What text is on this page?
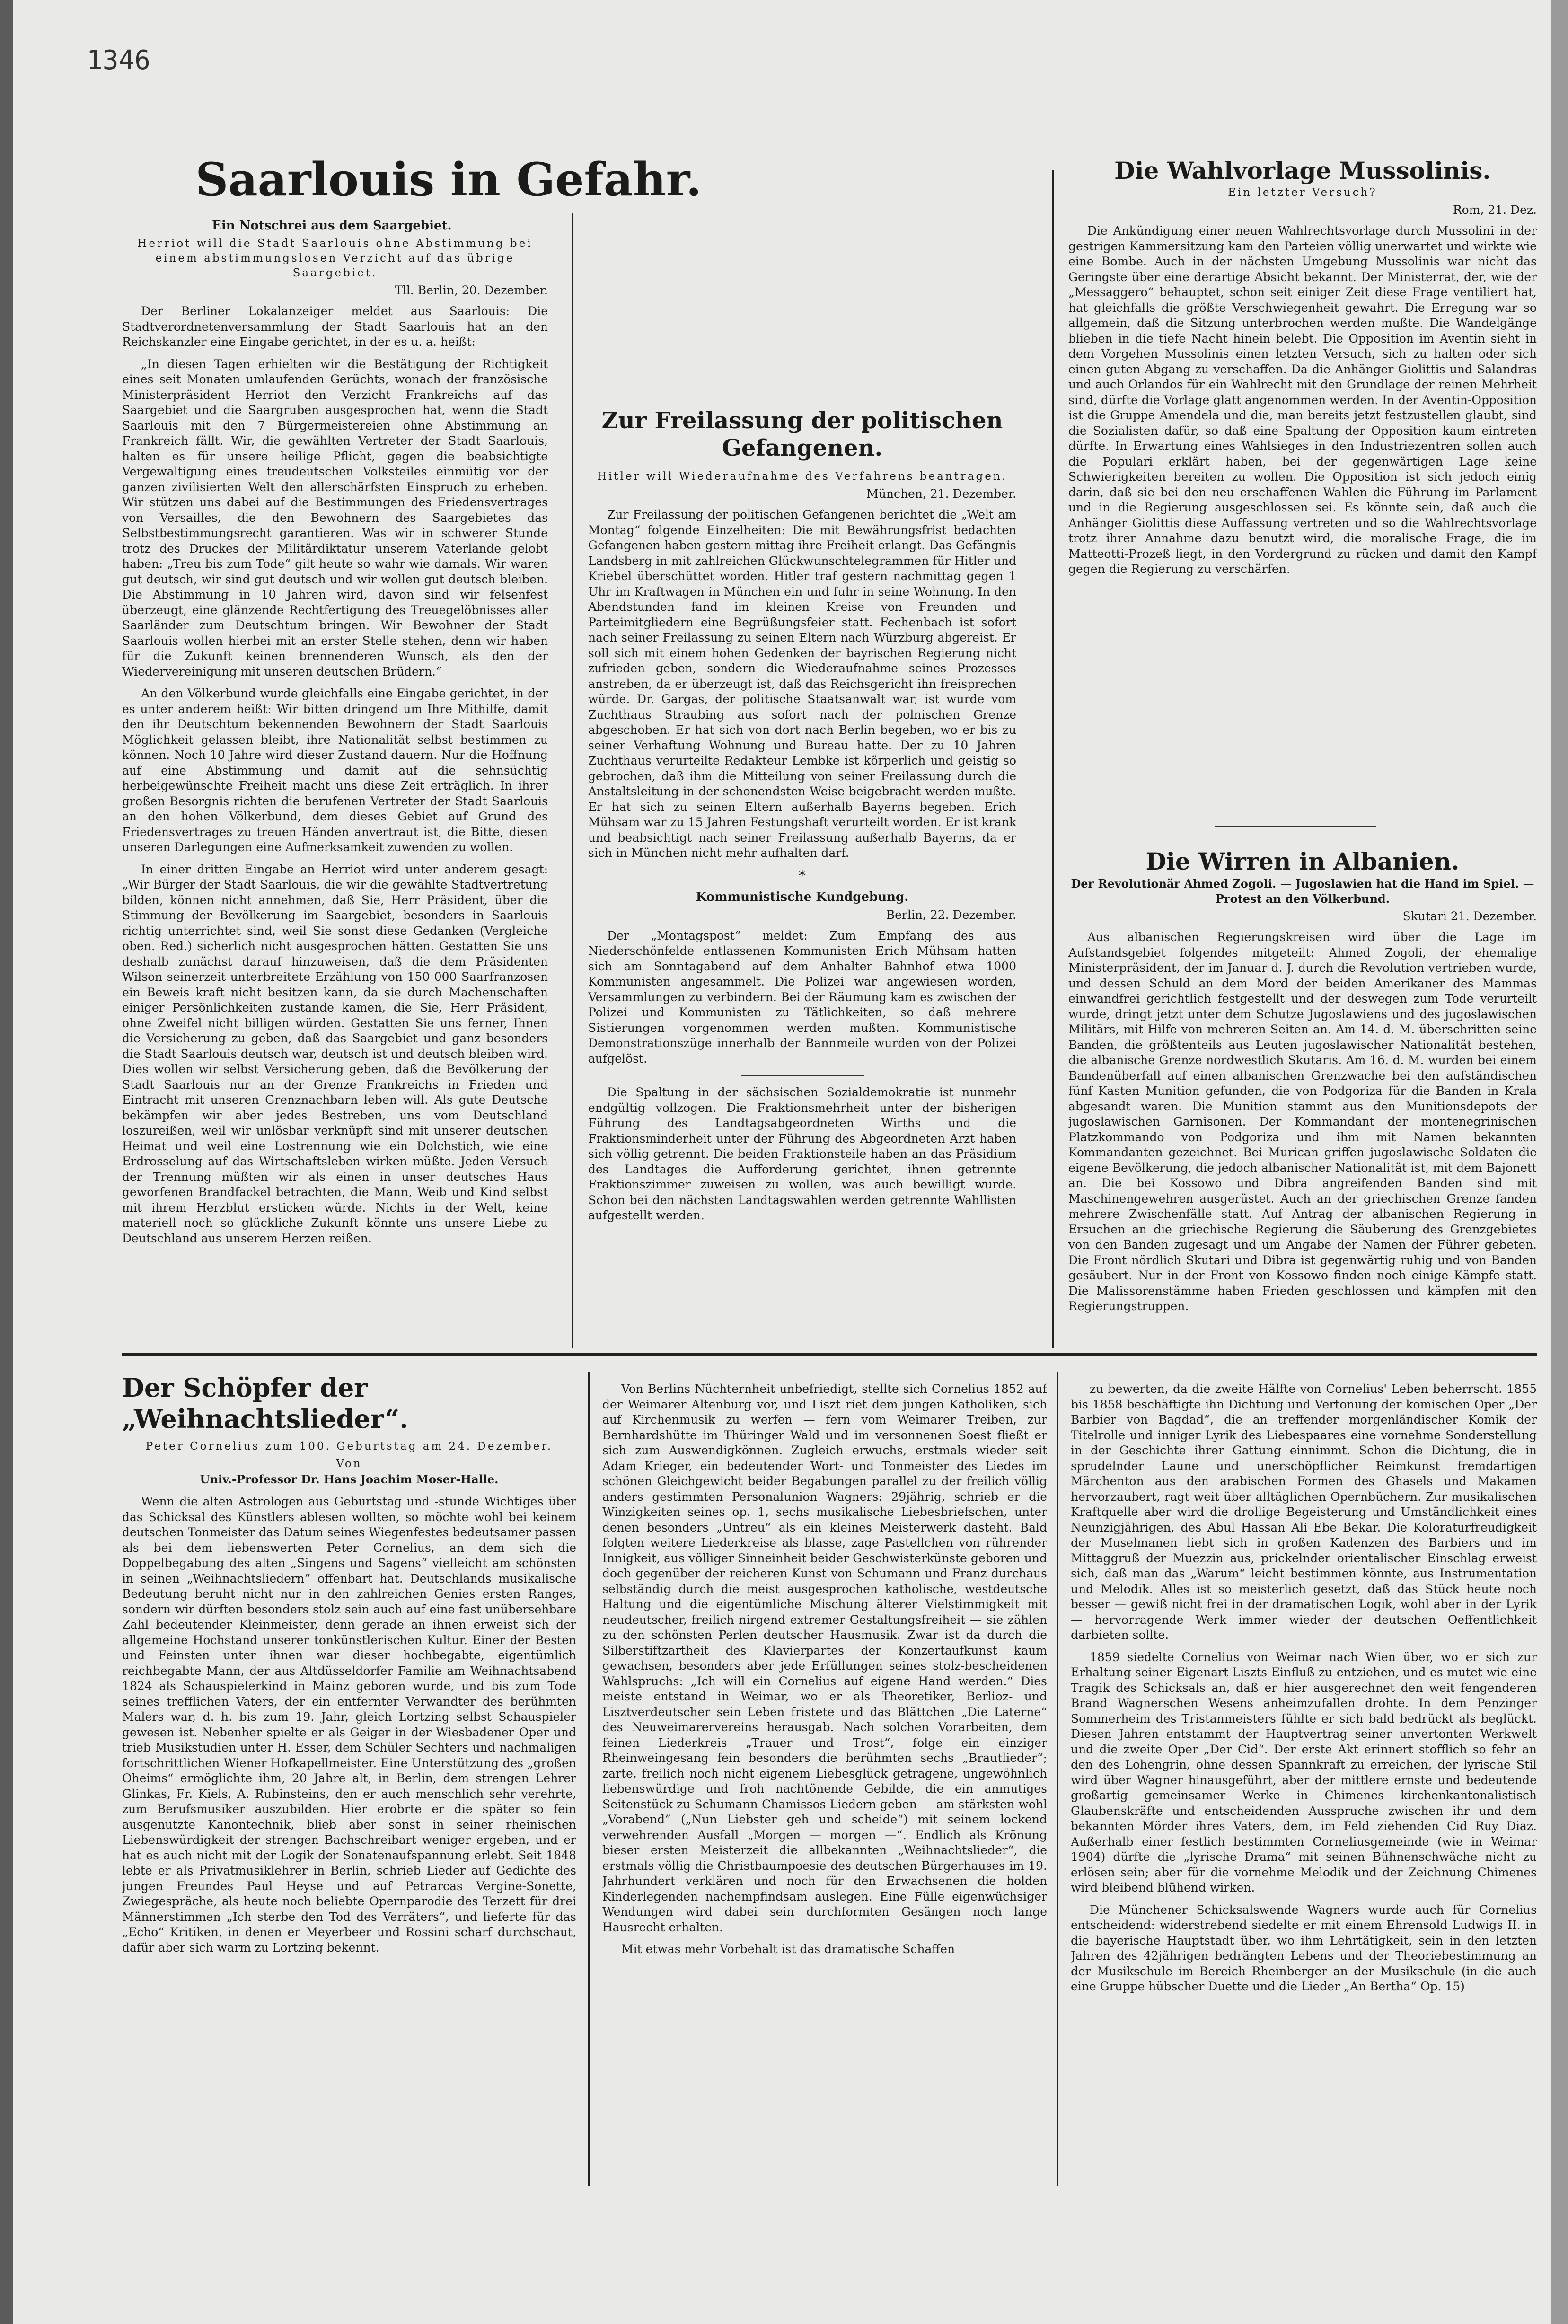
1346
Saarlouis in Gefahr.
Ein Notschrei aus dem Saargebiet.
Herriot will die Stadt Saarlouis ohne Abstimmung bei einem abstimmungslosen Verzicht auf das übrige Saargebiet.
Tll. Berlin, 20. Dezember.

Der Berliner Lokalanzeiger meldet aus Saarlouis: Die Stadtverordnetenversammlung der Stadt Saarlouis hat an den Reichskanzler eine Eingabe gerichtet, in der es u. a. heißt:

„In diesen Tagen erhielten wir die Bestätigung der Richtigkeit eines seit Monaten umlaufenden Gerüchts, wonach der französische Ministerpräsident Herriot den Verzicht Frankreichs auf das Saargebiet und die Saargruben ausgesprochen hat, wenn die Stadt Saarlouis mit den 7 Bürgermeistereien ohne Abstimmung an Frankreich fällt. Wir, die gewählten Vertreter der Stadt Saarlouis, halten es für unsere heilige Pflicht, gegen die beabsichtigte Vergewaltigung eines treudeutschen Volksteiles einmütig vor der ganzen zivilisierten Welt den allerschärfsten Einspruch zu erheben. Wir stützen uns dabei auf die Bestimmungen des Friedensvertrages von Versailles, die den Bewohnern des Saargebietes das Selbstbestimmungsrecht garantieren. Was wir in schwerer Stunde trotz des Druckes der Militärdiktatur unserem Vaterlande gelobt haben: „Treu bis zum Tode“ gilt heute so wahr wie damals. Wir waren gut deutsch, wir sind gut deutsch und wir wollen gut deutsch bleiben. Die Abstimmung in 10 Jahren wird, davon sind wir felsenfest überzeugt, eine glänzende Rechtfertigung des Treuegelöbnisses aller Saarländer zum Deutschtum bringen. Wir Bewohner der Stadt Saarlouis wollen hierbei mit an erster Stelle stehen, denn wir haben für die Zukunft keinen brennenderen Wunsch, als den der Wiedervereinigung mit unseren deutschen Brüdern.“

An den Völkerbund wurde gleichfalls eine Eingabe gerichtet, in der es unter anderem heißt: Wir bitten dringend um Ihre Mithilfe, damit den ihr Deutschtum bekennenden Bewohnern der Stadt Saarlouis Möglichkeit gelassen bleibt, ihre Nationalität selbst bestimmen zu können. Noch 10 Jahre wird dieser Zustand dauern. Nur die Hoffnung auf eine Abstimmung und damit auf die sehnsüchtig herbeigewünschte Freiheit macht uns diese Zeit erträglich. In ihrer großen Besorgnis richten die berufenen Vertreter der Stadt Saarlouis an den hohen Völkerbund, dem dieses Gebiet auf Grund des Friedensvertrages zu treuen Händen anvertraut ist, die Bitte, diesen unseren Darlegungen eine Aufmerksamkeit zuwenden zu wollen.

In einer dritten Eingabe an Herriot wird unter anderem gesagt: „Wir Bürger der Stadt Saarlouis, die wir die gewählte Stadtvertretung bilden, können nicht annehmen, daß Sie, Herr Präsident, über die Stimmung der Bevölkerung im Saargebiet, besonders in Saarlouis richtig unterrichtet sind, weil Sie sonst diese Gedanken (Vergleiche oben. Red.) sicherlich nicht ausgesprochen hätten. Gestatten Sie uns deshalb zunächst darauf hinzuweisen, daß die dem Präsidenten Wilson seinerzeit unterbreitete Erzählung von 150 000 Saarfranzosen ein Beweis kraft nicht besitzen kann, da sie durch Machenschaften einiger Persönlichkeiten zustande kamen, die Sie, Herr Präsident, ohne Zweifel nicht billigen würden. Gestatten Sie uns ferner, Ihnen die Versicherung zu geben, daß das Saargebiet und ganz besonders die Stadt Saarlouis deutsch war, deutsch ist und deutsch bleiben wird. Dies wollen wir selbst Versicherung geben, daß die Bevölkerung der Stadt Saarlouis nur an der Grenze Frankreichs in Frieden und Eintracht mit unseren Grenznachbarn leben will. Als gute Deutsche bekämpfen wir aber jedes Bestreben, uns vom Deutschland loszureißen, weil wir unlösbar verknüpft sind mit unserer deutschen Heimat und weil eine Lostrennung wie ein Dolchstich, wie eine Erdrosselung auf das Wirtschaftsleben wirken müßte. Jeden Versuch der Trennung müßten wir als einen in unser deutsches Haus geworfenen Brandfackel betrachten, die Mann, Weib und Kind selbst mit ihrem Herzblut ersticken würde. Nichts in der Welt, keine materiell noch so glückliche Zukunft könnte uns unsere Liebe zu Deutschland aus unserem Herzen reißen.

Zur Freilassung der politischen Gefangenen.
Hitler will Wiederaufnahme des Verfahrens beantragen.
München, 21. Dezember.

Zur Freilassung der politischen Gefangenen berichtet die „Welt am Montag“ folgende Einzelheiten: Die mit Bewährungsfrist bedachten Gefangenen haben gestern mittag ihre Freiheit erlangt. Das Gefängnis Landsberg in mit zahlreichen Glückwunschtelegrammen für Hitler und Kriebel überschüttet worden. Hitler traf gestern nachmittag gegen 1 Uhr im Kraftwagen in München ein und fuhr in seine Wohnung. In den Abendstunden fand im kleinen Kreise von Freunden und Parteimitgliedern eine Begrüßungsfeier statt. Fechenbach ist sofort nach seiner Freilassung zu seinen Eltern nach Würzburg abgereist. Er soll sich mit einem hohen Gedenken der bayrischen Regierung nicht zufrieden geben, sondern die Wiederaufnahme seines Prozesses anstreben, da er überzeugt ist, daß das Reichsgericht ihn freisprechen würde. Dr. Gargas, der politische Staatsanwalt war, ist wurde vom Zuchthaus Straubing aus sofort nach der polnischen Grenze abgeschoben. Er hat sich von dort nach Berlin begeben, wo er bis zu seiner Verhaftung Wohnung und Bureau hatte. Der zu 10 Jahren Zuchthaus verurteilte Redakteur Lembke ist körperlich und geistig so gebrochen, daß ihm die Mitteilung von seiner Freilassung durch die Anstaltsleitung in der schonendsten Weise beigebracht werden mußte. Er hat sich zu seinen Eltern außerhalb Bayerns begeben. Erich Mühsam war zu 15 Jahren Festungshaft verurteilt worden. Er ist krank und beabsichtigt nach seiner Freilassung außerhalb Bayerns, da er sich in München nicht mehr aufhalten darf.

*
Kommunistische Kundgebung.
Berlin, 22. Dezember.

Der „Montagspost“ meldet: Zum Empfang des aus Niederschönfelde entlassenen Kommunisten Erich Mühsam hatten sich am Sonntagabend auf dem Anhalter Bahnhof etwa 1000 Kommunisten angesammelt. Die Polizei war angewiesen worden, Versammlungen zu verbindern. Bei der Räumung kam es zwischen der Polizei und Kommunisten zu Tätlichkeiten, so daß mehrere Sistierungen vorgenommen werden mußten. Kommunistische Demonstrationszüge innerhalb der Bannmeile wurden von der Polizei aufgelöst.

Die Spaltung in der sächsischen Sozialdemokratie ist nunmehr endgültig vollzogen. Die Fraktionsmehrheit unter der bisherigen Führung des Landtagsabgeordneten Wirths und die Fraktionsminderheit unter der Führung des Abgeordneten Arzt haben sich völlig getrennt. Die beiden Fraktionsteile haben an das Präsidium des Landtages die Aufforderung gerichtet, ihnen getrennte Fraktionszimmer zuweisen zu wollen, was auch bewilligt wurde. Schon bei den nächsten Landtagswahlen werden getrennte Wahllisten aufgestellt werden.

Die Wahlvorlage Mussolinis.
Ein letzter Versuch?
Rom, 21. Dez.

Die Ankündigung einer neuen Wahlrechtsvorlage durch Mussolini in der gestrigen Kammersitzung kam den Parteien völlig unerwartet und wirkte wie eine Bombe. Auch in der nächsten Umgebung Mussolinis war nicht das Geringste über eine derartige Absicht bekannt. Der Ministerrat, der, wie der „Messaggero“ behauptet, schon seit einiger Zeit diese Frage ventiliert hat, hat gleichfalls die größte Verschwiegenheit gewahrt. Die Erregung war so allgemein, daß die Sitzung unterbrochen werden mußte. Die Wandelgänge blieben in die tiefe Nacht hinein belebt. Die Opposition im Aventin sieht in dem Vorgehen Mussolinis einen letzten Versuch, sich zu halten oder sich einen guten Abgang zu verschaffen. Da die Anhänger Giolittis und Salandras und auch Orlandos für ein Wahlrecht mit den Grundlage der reinen Mehrheit sind, dürfte die Vorlage glatt angenommen werden. In der Aventin-Opposition ist die Gruppe Amendela und die, man bereits jetzt festzustellen glaubt, sind die Sozialisten dafür, so daß eine Spaltung der Opposition kaum eintreten dürfte. In Erwartung eines Wahlsieges in den Industriezentren sollen auch die Populari erklärt haben, bei der gegenwärtigen Lage keine Schwierigkeiten bereiten zu wollen. Die Opposition ist sich jedoch einig darin, daß sie bei den neu erschaffenen Wahlen die Führung im Parlament und in die Regierung ausgeschlossen sei. Es könnte sein, daß auch die Anhänger Giolittis diese Auffassung vertreten und so die Wahlrechtsvorlage trotz ihrer Annahme dazu benutzt wird, die moralische Frage, die im Matteotti-Prozeß liegt, in den Vordergrund zu rücken und damit den Kampf gegen die Regierung zu verschärfen.

Die Wirren in Albanien.
Der Revolutionär Ahmed Zogoli. — Jugoslawien hat die Hand im Spiel. — Protest an den Völkerbund.
Skutari 21. Dezember.

Aus albanischen Regierungskreisen wird über die Lage im Aufstandsgebiet folgendes mitgeteilt: Ahmed Zogoli, der ehemalige Ministerpräsident, der im Januar d. J. durch die Revolution vertrieben wurde, und dessen Schuld an dem Mord der beiden Amerikaner des Mammas einwandfrei gerichtlich festgestellt und der deswegen zum Tode verurteilt wurde, dringt jetzt unter dem Schutze Jugoslawiens und des jugoslawischen Militärs, mit Hilfe von mehreren Seiten an. Am 14. d. M. überschritten seine Banden, die größtenteils aus Leuten jugoslawischer Nationalität bestehen, die albanische Grenze nordwestlich Skutaris. Am 16. d. M. wurden bei einem Bandenüberfall auf einen albanischen Grenzwache bei den aufständischen fünf Kasten Munition gefunden, die von Podgoriza für die Banden in Krala abgesandt waren. Die Munition stammt aus den Munitionsdepots der jugoslawischen Garnisonen. Der Kommandant der montenegrinischen Platzkommando von Podgoriza und ihm mit Namen bekannten Kommandanten gezeichnet. Bei Murican griffen jugoslawische Soldaten die eigene Bevölkerung, die jedoch albanischer Nationalität ist, mit dem Bajonett an. Die bei Kossowo und Dibra angreifenden Banden sind mit Maschinengewehren ausgerüstet. Auch an der griechischen Grenze fanden mehrere Zwischenfälle statt. Auf Antrag der albanischen Regierung in Ersuchen an die griechische Regierung die Säuberung des Grenzgebietes von den Banden zugesagt und um Angabe der Namen der Führer gebeten. Die Front nördlich Skutari und Dibra ist gegenwärtig ruhig und von Banden gesäubert. Nur in der Front von Kossowo finden noch einige Kämpfe statt. Die Malissorenstämme haben Frieden geschlossen und kämpfen mit den Regierungstruppen.

Der Schöpfer der „Weihnachtslieder“.
Peter Cornelius zum 100. Geburtstag am 24. Dezember.
Von
Univ.-Professor Dr. Hans Joachim Moser-Halle.

Wenn die alten Astrologen aus Geburtstag und -stunde Wichtiges über das Schicksal des Künstlers ablesen wollten, so möchte wohl bei keinem deutschen Tonmeister das Datum seines Wiegenfestes bedeutsamer passen als bei dem liebenswerten Peter Cornelius, an dem sich die Doppelbegabung des alten „Singens und Sagens“ vielleicht am schönsten in seinen „Weihnachtsliedern“ offenbart hat. Deutschlands musikalische Bedeutung beruht nicht nur in den zahlreichen Genies ersten Ranges, sondern wir dürften besonders stolz sein auch auf eine fast unübersehbare Zahl bedeutender Kleinmeister, denn gerade an ihnen erweist sich der allgemeine Hochstand unserer tonkünstlerischen Kultur. Einer der Besten und Feinsten unter ihnen war dieser hochbegabte, eigentümlich reichbegabte Mann, der aus Altdüsseldorfer Familie am Weihnachtsabend 1824 als Schauspielerkind in Mainz geboren wurde, und bis zum Tode seines trefflichen Vaters, der ein entfernter Verwandter des berühmten Malers war, d. h. bis zum 19. Jahr, gleich Lortzing selbst Schauspieler gewesen ist. Nebenher spielte er als Geiger in der Wiesbadener Oper und trieb Musikstudien unter H. Esser, dem Schüler Sechters und nachmaligen fortschrittlichen Wiener Hofkapellmeister. Eine Unterstützung des „großen Oheims“ ermöglichte ihm, 20 Jahre alt, in Berlin, dem strengen Lehrer Glinkas, Fr. Kiels, A. Rubinsteins, den er auch menschlich sehr verehrte, zum Berufsmusiker auszubilden. Hier erobrte er die später so fein ausgenutzte Kanontechnik, blieb aber sonst in seiner rheinischen Liebenswürdigkeit der strengen Bachschreibart weniger ergeben, und er hat es auch nicht mit der Logik der Sonatenaufspannung erlebt. Seit 1848 lebte er als Privatmusiklehrer in Berlin, schrieb Lieder auf Gedichte des jungen Freundes Paul Heyse und auf Petrarcas Vergine-Sonette, Zwiegespräche, als heute noch beliebte Opernparodie des Terzett für drei Männerstimmen „Ich sterbe den Tod des Verräters“, und lieferte für das „Echo“ Kritiken, in denen er Meyerbeer und Rossini scharf durchschaut, dafür aber sich warm zu Lortzing bekennt.

Von Berlins Nüchternheit unbefriedigt, stellte sich Cornelius 1852 auf der Weimarer Altenburg vor, und Liszt riet dem jungen Katholiken, sich auf Kirchenmusik zu werfen — fern vom Weimarer Treiben, zur Bernhardshütte im Thüringer Wald und im versonnenen Soest fließt er sich zum Auswendigkönnen. Zugleich erwuchs, erstmals wieder seit Adam Krieger, ein bedeutender Wort- und Tonmeister des Liedes im schönen Gleichgewicht beider Begabungen parallel zu der freilich völlig anders gestimmten Personalunion Wagners: 29jährig, schrieb er die Winzigkeiten seines op. 1, sechs musikalische Liebesbriefschen, unter denen besonders „Untreu“ als ein kleines Meisterwerk dasteht. Bald folgten weitere Liederkreise als blasse, zage Pastellchen von rührender Innigkeit, aus völliger Sinneinheit beider Geschwisterkünste geboren und doch gegenüber der reicheren Kunst von Schumann und Franz durchaus selbständig durch die meist ausgesprochen katholische, westdeutsche Haltung und die eigentümliche Mischung älterer Vielstimmigkeit mit neudeutscher, freilich nirgend extremer Gestaltungsfreiheit — sie zählen zu den schönsten Perlen deutscher Hausmusik. Zwar ist da durch die Silberstiftzartheit des Klavierpartes der Konzertaufkunst kaum gewachsen, besonders aber jede Erfüllungen seines stolz-bescheidenen Wahlspruchs: „Ich will ein Cornelius auf eigene Hand werden.“ Dies meiste entstand in Weimar, wo er als Theoretiker, Berlioz- und Lisztverdeutscher sein Leben fristete und das Blättchen „Die Laterne“ des Neuweimarervereins herausgab. Nach solchen Vorarbeiten, dem feinen Liederkreis „Trauer und Trost“, folge ein einziger Rheinweingesang fein besonders die berühmten sechs „Brautlieder“; zarte, freilich noch nicht eigenem Liebesglück getragene, ungewöhnlich liebenswürdige und froh nachtönende Gebilde, die ein anmutiges Seitenstück zu Schumann-Chamissos Liedern geben — am stärksten wohl „Vorabend“ („Nun Liebster geh und scheide“) mit seinem lockend verwehrenden Ausfall „Morgen — morgen —“. Endlich als Krönung bieser ersten Meisterzeit die allbekannten „Weihnachtslieder“, die erstmals völlig die Christbaumpoesie des deutschen Bürgerhauses im 19. Jahrhundert verklären und noch für den Erwachsenen die holden Kinderlegenden nachempfindsam auslegen. Eine Fülle eigenwüchsiger Wendungen wird dabei sein durchformten Gesängen noch lange Hausrecht erhalten.

Mit etwas mehr Vorbehalt ist das dramatische Schaffen

zu bewerten, da die zweite Hälfte von Cornelius' Leben beherrscht. 1855 bis 1858 beschäftigte ihn Dichtung und Vertonung der komischen Oper „Der Barbier von Bagdad“, die an treffender morgenländischer Komik der Titelrolle und inniger Lyrik des Liebespaares eine vornehme Sonderstellung in der Geschichte ihrer Gattung einnimmt. Schon die Dichtung, die in sprudelnder Laune und unerschöpflicher Reimkunst fremdartigen Märchenton aus den arabischen Formen des Ghasels und Makamen hervorzaubert, ragt weit über alltäglichen Opernbüchern. Zur musikalischen Kraftquelle aber wird die drollige Begeisterung und Umständlichkeit eines Neunzigjährigen, des Abul Hassan Ali Ebe Bekar. Die Koloraturfreudigkeit der Muselmanen liebt sich in großen Kadenzen des Barbiers und im Mittaggruß der Muezzin aus, prickelnder orientalischer Einschlag erweist sich, daß man das „Warum“ leicht bestimmen könnte, aus Instrumentation und Melodik. Alles ist so meisterlich gesetzt, daß das Stück heute noch besser — gewiß nicht frei in der dramatischen Logik, wohl aber in der Lyrik — hervorragende Werk immer wieder der deutschen Oeffentlichkeit darbieten sollte.

1859 siedelte Cornelius von Weimar nach Wien über, wo er sich zur Erhaltung seiner Eigenart Liszts Einfluß zu entziehen, und es mutet wie eine Tragik des Schicksals an, daß er hier ausgerechnet den weit fengenderen Brand Wagnerschen Wesens anheimzufallen drohte. In dem Penzinger Sommerheim des Tristanmeisters fühlte er sich bald bedrückt als beglückt. Diesen Jahren entstammt der Hauptvertrag seiner unvertonten Werkwelt und die zweite Oper „Der Cid“. Der erste Akt erinnert stofflich so fehr an den des Lohengrin, ohne dessen Spannkraft zu erreichen, der lyrische Stil wird über Wagner hinausgeführt, aber der mittlere ernste und bedeutende großartig gemeinsamer Werke in Chimenes kirchenkantonalistisch Glaubenskräfte und entscheidenden Ausspruche zwischen ihr und dem bekannten Mörder ihres Vaters, dem, im Feld ziehenden Cid Ruy Diaz. Außerhalb einer festlich bestimmten Corneliusgemeinde (wie in Weimar 1904) dürfte die „lyrische Drama“ mit seinen Bühnenschwäche nicht zu erlösen sein; aber für die vornehme Melodik und der Zeichnung Chimenes wird bleibend blühend wirken.

Die Münchener Schicksalswende Wagners wurde auch für Cornelius entscheidend: widerstrebend siedelte er mit einem Ehrensold Ludwigs II. in die bayerische Hauptstadt über, wo ihm Lehrtätigkeit, sein in den letzten Jahren des 42jährigen bedrängten Lebens und der Theoriebestimmung an der Musikschule im Bereich Rheinberger an der Musikschule (in die auch eine Gruppe hübscher Duette und die Lieder „An Bertha“ Op. 15)
